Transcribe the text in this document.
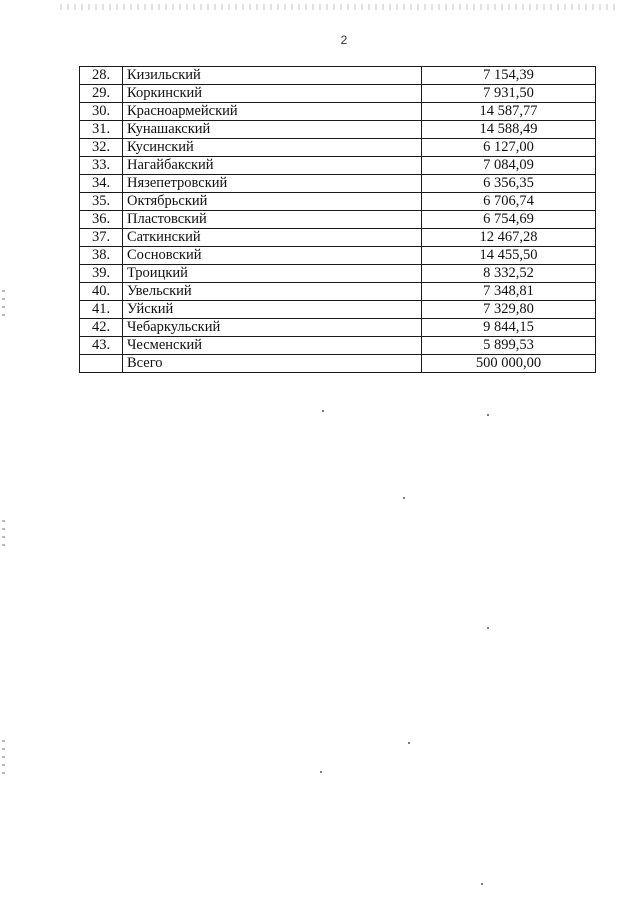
2
28.	Кизильский	7 154,39
29.	Коркинский	7 931,50
30.	Красноармейский	14 587,77
31.	Кунашакский	14 588,49
32.	Кусинский	6 127,00
33.	Нагайбакский	7 084,09
34.	Нязепетровский	6 356,35
35.	Октябрьский	6 706,74
36.	Пластовский	6 754,69
37.	Саткинский	12 467,28
38.	Сосновский	14 455,50
39.	Троицкий	8 332,52
40.	Увельский	7 348,81
41.	Уйский	7 329,80
42.	Чебаркульский	9 844,15
43.	Чесменский	5 899,53
	Всего	500 000,00
